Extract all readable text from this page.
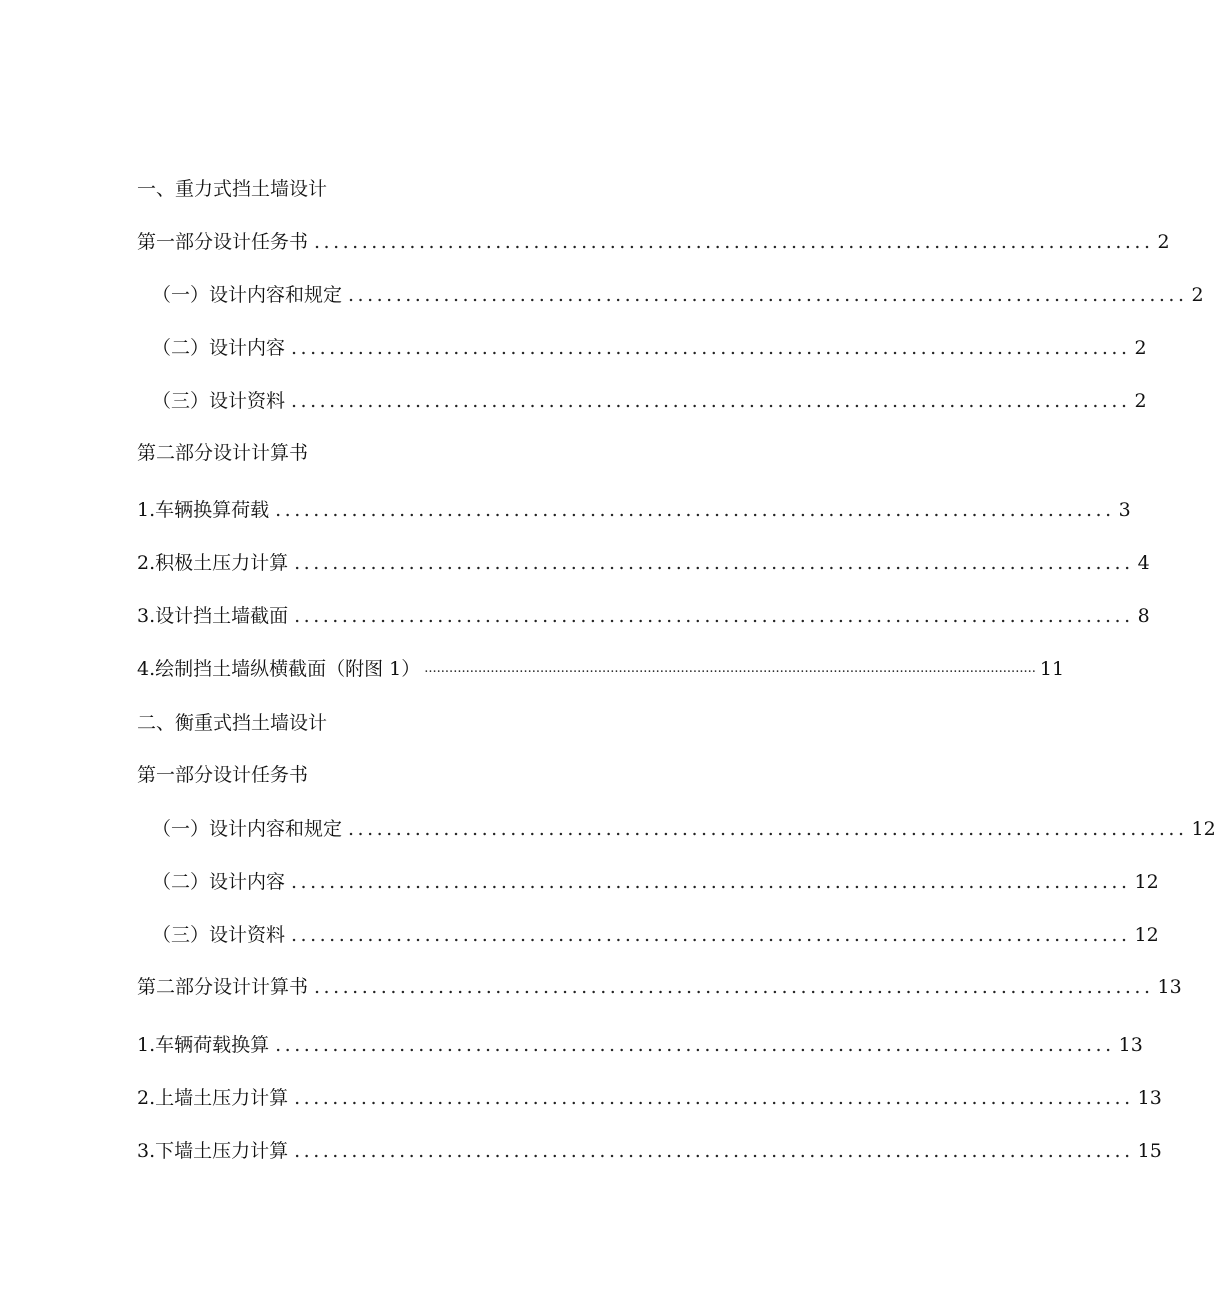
一、重力式挡土墙设计
第一部分设计任务书 ........................................................................................ 2
（一）设计内容和规定 ........................................................................................ 2
（二）设计内容 ........................................................................................ 2
（三）设计资料 ........................................................................................ 2
第二部分设计计算书
1 .车辆换算荷载 ........................................................................................ 3
2 .积极土压力计算 ........................................................................................ 4
3 .设计挡土墙截面 ........................................................................................ 8
4 .绘制挡土墙纵横截面（附图 1） .................................................................................................................................................... 11
二、衡重式挡土墙设计
第一部分设计任务书
（一）设计内容和规定 ........................................................................................ 12
（二）设计内容 ........................................................................................ 12
（三）设计资料 ........................................................................................ 12
第二部分设计计算书 ........................................................................................ 13
1 .车辆荷载换算 ........................................................................................ 13
2 .上墙土压力计算 ........................................................................................ 13
3 .下墙土压力计算 ........................................................................................ 15
